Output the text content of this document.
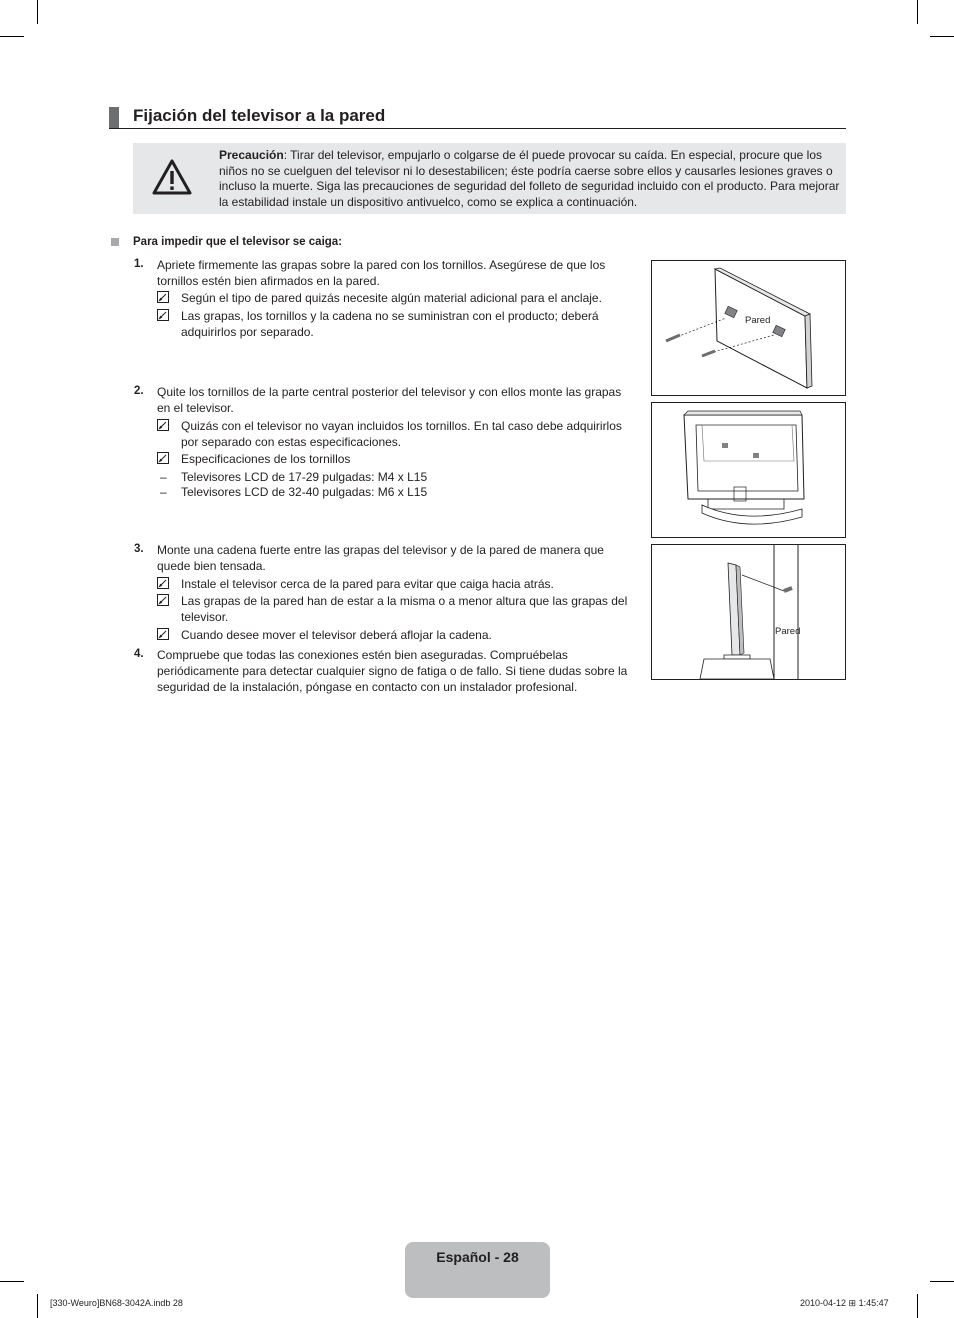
Fijación del televisor a la pared
Precaución: Tirar del televisor, empujarlo o colgarse de él puede provocar su caída. En especial, procure que los niños no se cuelguen del televisor ni lo desestabilicen; éste podría caerse sobre ellos y causarles lesiones graves o incluso la muerte. Siga las precauciones de seguridad del folleto de seguridad incluido con el producto. Para mejorar la estabilidad instale un dispositivo antivuelco, como se explica a continuación.
Para impedir que el televisor se caiga:
1.	Apriete firmemente las grapas sobre la pared con los tornillos. Asegúrese de que los tornillos estén bien afirmados en la pared.
Según el tipo de pared quizás necesite algún material adicional para el anclaje.
Las grapas, los tornillos y la cadena no se suministran con el producto; deberá adquirirlos por separado.
2.	Quite los tornillos de la parte central posterior del televisor y con ellos monte las grapas en el televisor.
Quizás con el televisor no vayan incluidos los tornillos. En tal caso debe adquirirlos por separado con estas especificaciones.
Especificaciones de los tornillos
– Televisores LCD de 17-29 pulgadas: M4 x L15
– Televisores LCD de 32-40 pulgadas: M6 x L15
3.	Monte una cadena fuerte entre las grapas del televisor y de la pared de manera que quede bien tensada.
Instale el televisor cerca de la pared para evitar que caiga hacia atrás.
Las grapas de la pared han de estar a la misma o a menor altura que las grapas del televisor.
Cuando desee mover el televisor deberá aflojar la cadena.
4.	Compruebe que todas las conexiones estén bien aseguradas. Compruébelas periódicamente para detectar cualquier signo de fatiga o de fallo. Si tiene dudas sobre la seguridad de la instalación, póngase en contacto con un instalador profesional.
Pared
Pared
Español - 28
[330-Weuro]BN68-3042A.indb 28	2010-04-12 ⊞ 1:45:47
